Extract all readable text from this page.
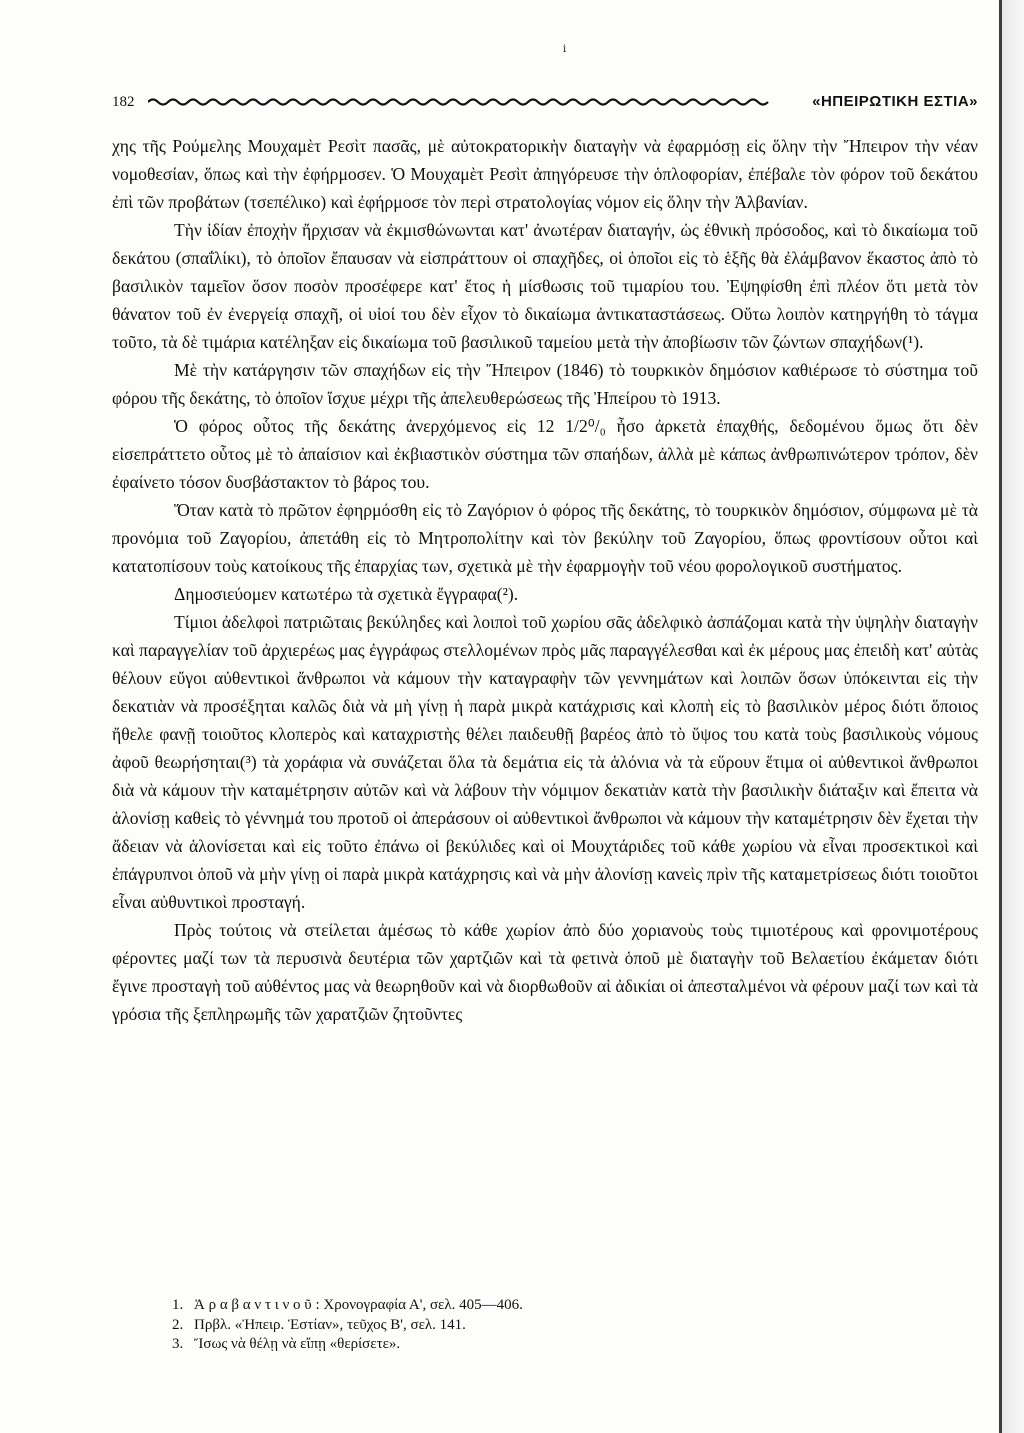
i
182	«ΗΠΕΙΡΩΤΙΚΗ ΕΣΤΙΑ»

χης τῆς Ρούμελης Μουχαμὲτ Ρεσὶτ πασᾶς, μὲ αὐτοκρατορικὴν διαταγὴν νὰ ἐφαρμόσῃ εἰς ὅλην τὴν Ἤπειρον τὴν νέαν νομοθεσίαν, ὅπως καὶ τὴν ἐφήρμοσεν. Ὁ Μουχαμὲτ Ρεσὶτ ἀπηγόρευσε τὴν ὁπλοφορίαν, ἐπέβαλε τὸν φόρον τοῦ δεκάτου ἐπὶ τῶν προβάτων (τσεπέλικο) καὶ ἐφήρμοσε τὸν περὶ στρατολογίας νόμον εἰς ὅλην τὴν Ἀλβανίαν.

Τὴν ἰδίαν ἐποχὴν ἤρχισαν νὰ ἐκμισθώνωνται κατ' ἀνωτέραν διαταγήν, ὡς ἐθνικὴ πρόσοδος, καὶ τὸ δικαίωμα τοῦ δεκάτου (σπαΐλίκι), τὸ ὁποῖον ἔπαυσαν νὰ εἰσπράττουν οἱ σπαχῆδες, οἱ ὁποῖοι εἰς τὸ ἑξῆς θὰ ἐλάμβανον ἕκαστος ἀπὸ τὸ βασιλικὸν ταμεῖον ὅσον ποσὸν προσέφερε κατ' ἔτος ἡ μίσθωσις τοῦ τιμαρίου του. Ἐψηφίσθη ἐπὶ πλέον ὅτι μετὰ τὸν θάνατον τοῦ ἐν ἐνεργείᾳ σπαχῆ, οἱ υἱοί του δὲν εἶχον τὸ δικαίωμα ἀντικαταστάσεως. Οὕτω λοιπὸν κατηργήθη τὸ τάγμα τοῦτο, τὰ δὲ τιμάρια κατέληξαν εἰς δικαίωμα τοῦ βασιλικοῦ ταμείου μετὰ τὴν ἀποβίωσιν τῶν ζώντων σπαχήδων(¹).

Μὲ τὴν κατάργησιν τῶν σπαχήδων εἰς τὴν Ἤπειρον (1846) τὸ τουρκικὸν δημόσιον καθιέρωσε τὸ σύστημα τοῦ φόρου τῆς δεκάτης, τὸ ὁποῖον ἴσχυε μέχρι τῆς ἀπελευθερώσεως τῆς Ἠπείρου τὸ 1913.

Ὁ φόρος οὗτος τῆς δεκάτης ἀνερχόμενος εἰς 12 1/2⁰/₀ ἦσο ἀρκετὰ ἐπαχθής, δεδομένου ὅμως ὅτι δὲν εἰσεπράττετο οὗτος μὲ τὸ ἀπαίσιον καὶ ἐκβιαστικὸν σύστημα τῶν σπαήδων, ἀλλὰ μὲ κάπως ἀνθρωπινώτερον τρόπον, δὲν ἐφαίνετο τόσον δυσβάστακτον τὸ βάρος του.

Ὅταν κατὰ τὸ πρῶτον ἐφηρμόσθη εἰς τὸ Ζαγόριον ὁ φόρος τῆς δεκάτης, τὸ τουρκικὸν δημόσιον, σύμφωνα μὲ τὰ προνόμια τοῦ Ζαγορίου, ἀπετάθη εἰς τὸ Μητροπολίτην καὶ τὸν βεκύλην τοῦ Ζαγορίου, ὅπως φροντίσουν οὗτοι καὶ κατατοπίσουν τοὺς κατοίκους τῆς ἐπαρχίας των, σχετικὰ μὲ τὴν ἐφαρμογὴν τοῦ νέου φορολογικοῦ συστήματος.

Δημοσιεύομεν κατωτέρω τὰ σχετικὰ ἔγγραφα(²).

Τίμιοι ἀδελφοὶ πατριῶταις βεκύληδες καὶ λοιποὶ τοῦ χωρίου σᾶς ἀδελφικὸ ἀσπάζομαι κατὰ τὴν ὑψηλὴν διαταγὴν καὶ παραγγελίαν τοῦ ἀρχιερέως μας ἐγγράφως στελλομένων πρὸς μᾶς παραγγέλεσθαι καὶ ἐκ μέρους μας ἐπειδὴ κατ' αὐτὰς θέλουν εὔγοι αὐθεντικοὶ ἄνθρωποι νὰ κάμουν τὴν καταγραφὴν τῶν γεννημάτων καὶ λοιπῶν ὅσων ὑπόκεινται εἰς τὴν δεκατιὰν νὰ προσέξηται καλῶς διὰ νὰ μὴ γίνῃ ἡ παρὰ μικρὰ κατάχρισις καὶ κλοπὴ εἰς τὸ βασιλικὸν μέρος διότι ὅποιος ἤθελε φανῇ τοιοῦτος κλοπερὸς καὶ καταχριστὴς θέλει παιδευθῇ βαρέος ἀπὸ τὸ ὕψος του κατὰ τοὺς βασιλικοὺς νόμους ἀφοῦ θεωρήσηται(³) τὰ χοράφια νὰ συνάζεται ὅλα τὰ δεμάτια εἰς τὰ ἁλόνια νὰ τὰ εὕρουν ἕτιμα οἱ αὐθεντικοὶ ἄνθρωποι διὰ νὰ κάμουν τὴν καταμέτρησιν αὐτῶν καὶ νὰ λάβουν τὴν νόμιμον δεκατιὰν κατὰ τὴν βασιλικὴν διάταξιν καὶ ἔπειτα νὰ ἁλονίσῃ καθεὶς τὸ γέννημά του προτοῦ οἱ ἀπεράσουν οἱ αὐθεντικοὶ ἄνθρωποι νὰ κάμουν τὴν καταμέτρησιν δὲν ἔχεται τὴν ἄδειαν νὰ ἁλονίσεται καὶ εἰς τοῦτο ἐπάνω οἱ βεκύλιδες καὶ οἱ Μουχτάριδες τοῦ κάθε χωρίου νὰ εἶναι προσεκτικοὶ καὶ ἐπάγρυπνοι ὁποῦ νὰ μὴν γίνῃ οἱ παρὰ μικρὰ κατάχρησις καὶ νὰ μὴν ἁλονίσῃ κανεὶς πρὶν τῆς καταμετρίσεως διότι τοιοῦτοι εἶναι αὐθυντικοὶ προσταγή.

Πρὸς τούτοις νὰ στείλεται ἀμέσως τὸ κάθε χωρίον ἀπὸ δύο χοριανοὺς τοὺς τιμιοτέρους καὶ φρονιμοτέρους φέροντες μαζί των τὰ περυσινὰ δευτέρια τῶν χαρτζιῶν καὶ τὰ φετινὰ ὁποῦ μὲ διαταγὴν τοῦ Βελαετίου ἐκάμεταν διότι ἔγινε προσταγὴ τοῦ αὐθέντος μας νὰ θεωρηθοῦν καὶ νὰ διορθωθοῦν αἱ ἀδικίαι οἱ ἀπεσταλμένοι νὰ φέρουν μαζί των καὶ τὰ γρόσια τῆς ξεπληρωμῆς τῶν χαρατζιῶν ζητοῦντες

1. Ἀ ρ α β α ν τ ι ν ο ῦ : Χρονογραφία Α', σελ. 405—406.
2. Πρβλ. «Ἠπειρ. Ἑστίαν», τεῦχος Β', σελ. 141.
3. Ἴσως νὰ θέλῃ νὰ εἴπῃ «θερίσετε».
